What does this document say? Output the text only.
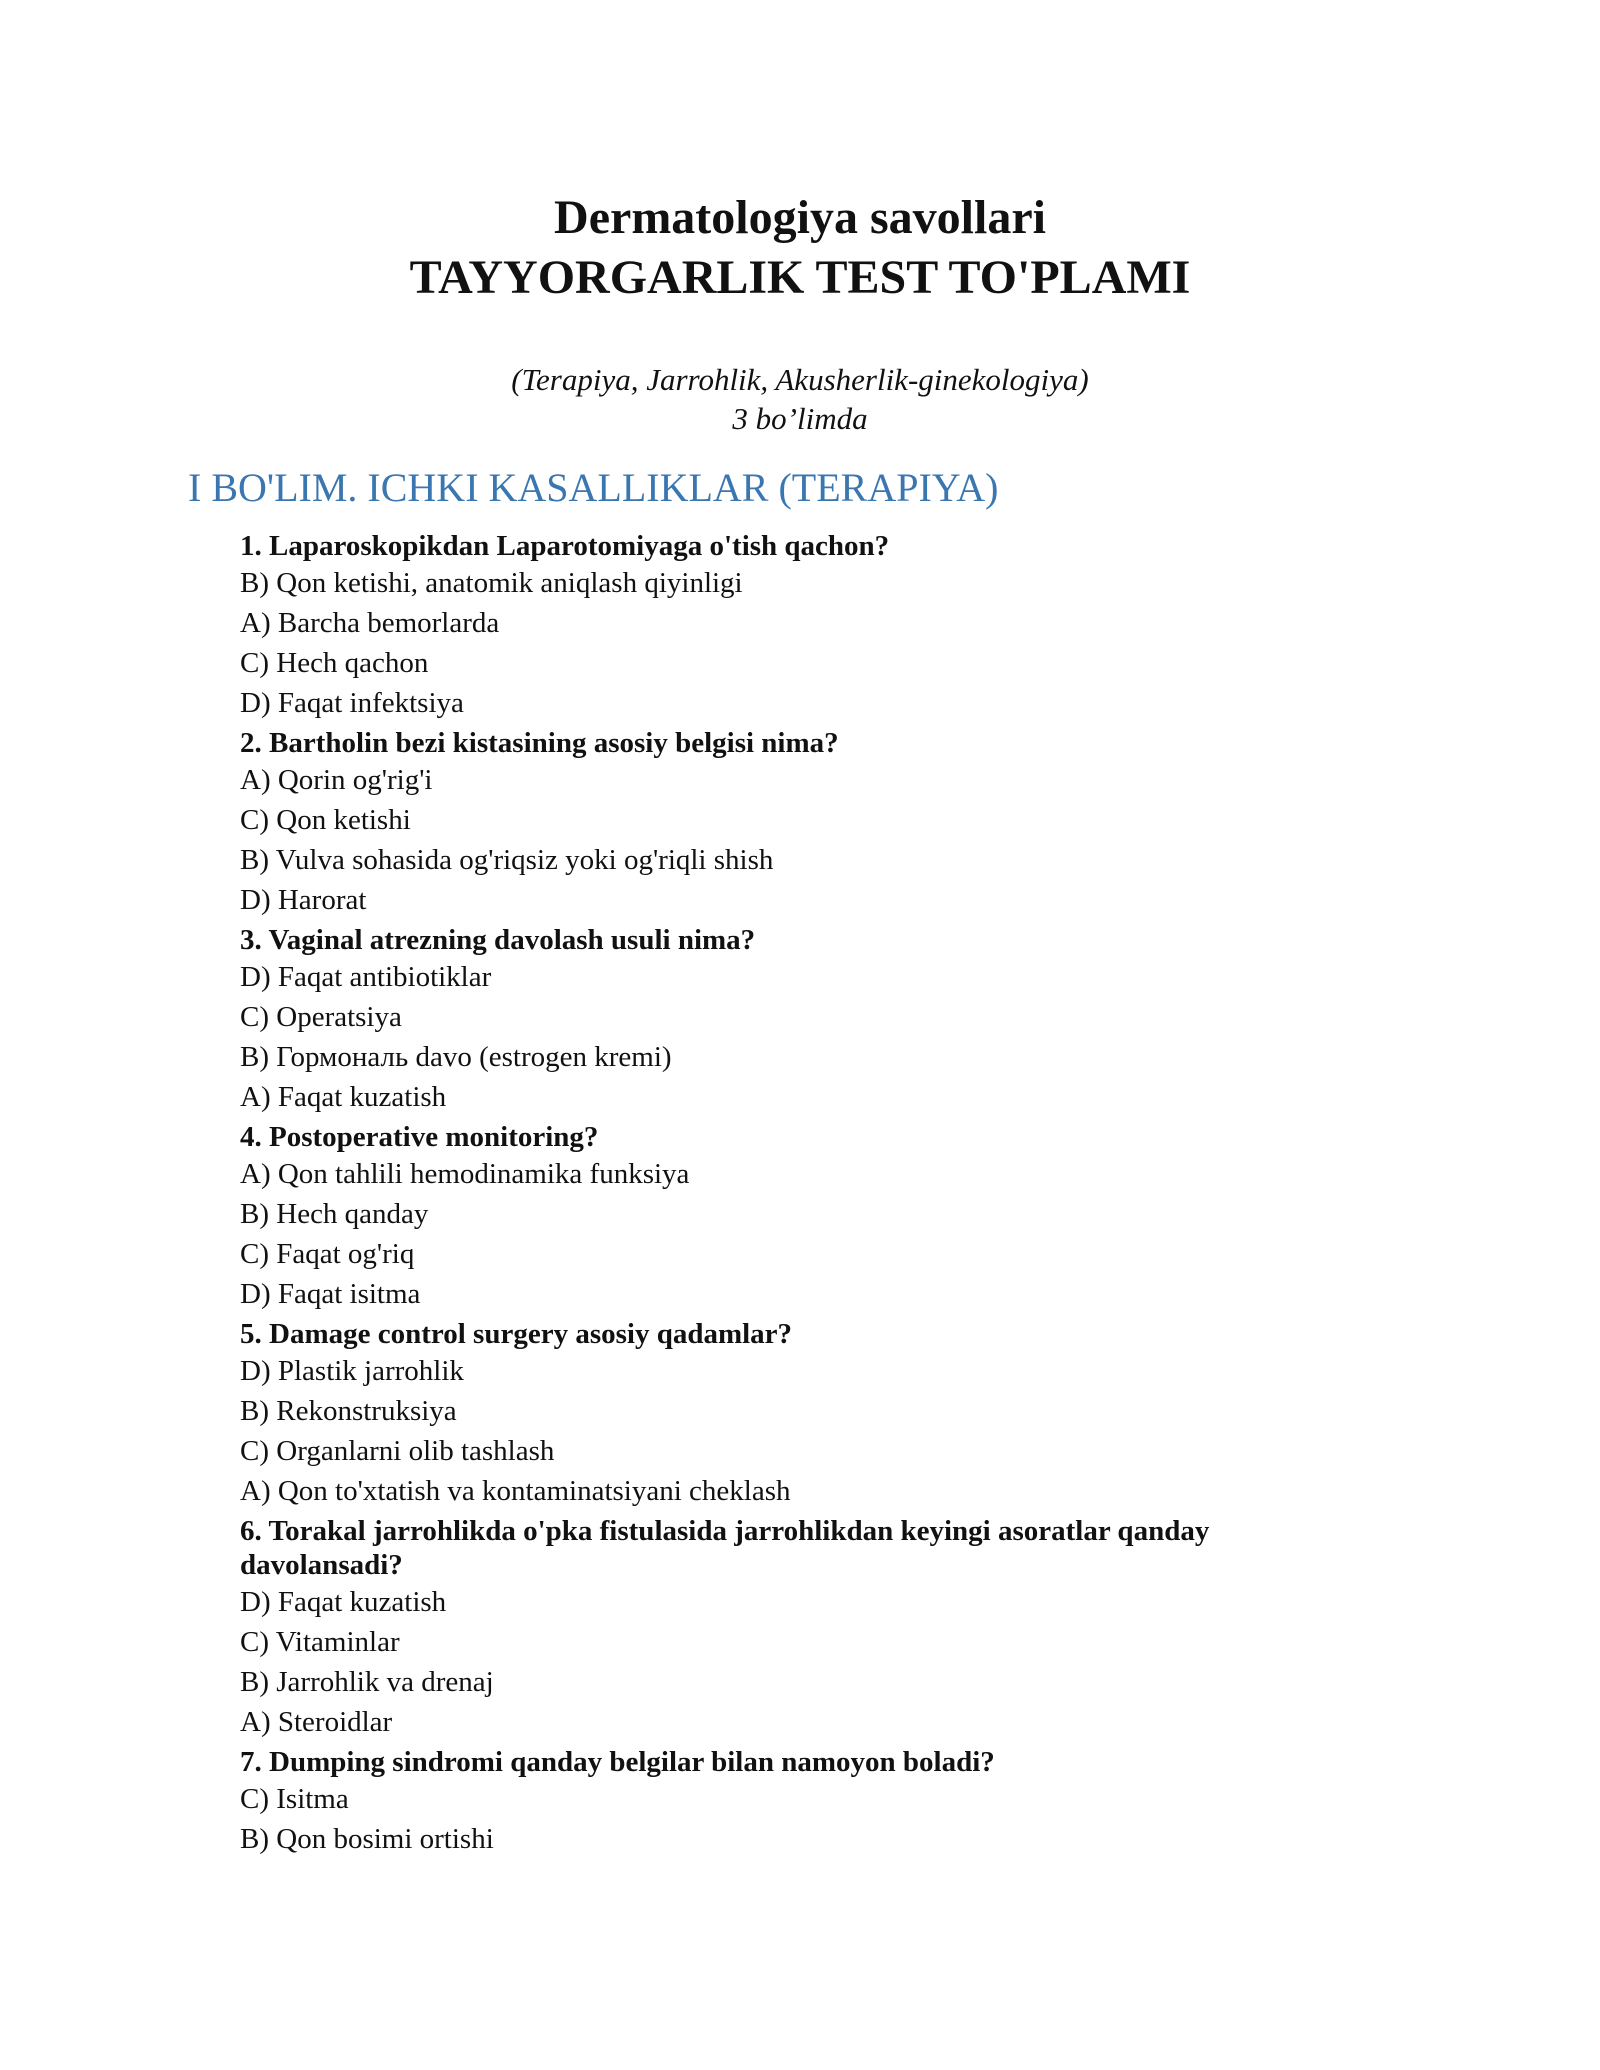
Dermatologiya savollari

TAYYORGARLIK TEST TO'PLAMI

(Terapiya, Jarrohlik, Akusherlik-ginekologiya)
3 bo’limda
I BO'LIM. ICHKI KASALLIKLAR (TERAPIYA)
1. Laparoskopikdan Laparotomiyaga o'tish qachon?
B) Qon ketishi, anatomik aniqlash qiyinligi
A) Barcha bemorlarda
C) Hech qachon
D) Faqat infektsiya
2. Bartholin bezi kistasining asosiy belgisi nima?
A) Qorin og'rig'i
C) Qon ketishi
B) Vulva sohasida og'riqsiz yoki og'riqli shish
D) Harorat
3. Vaginal atrezning davolash usuli nima?
D) Faqat antibiotiklar
C) Operatsiya
B) Гормональ davo (estrogen kremi)
A) Faqat kuzatish
4. Postoperative monitoring?
A) Qon tahlili hemodinamika funksiya
B) Hech qanday
C) Faqat og'riq
D) Faqat isitma
5. Damage control surgery asosiy qadamlar?
D) Plastik jarrohlik
B) Rekonstruksiya
C) Organlarni olib tashlash
A) Qon to'xtatish va kontaminatsiyani cheklash
6. Torakal jarrohlikda o'pka fistulasida jarrohlikdan keyingi asoratlar qanday davolansadi?
D) Faqat kuzatish
C) Vitaminlar
B) Jarrohlik va drenaj
A) Steroidlar
7. Dumping sindromi qanday belgilar bilan namoyon boladi?
C) Isitma
B) Qon bosimi ortishi
